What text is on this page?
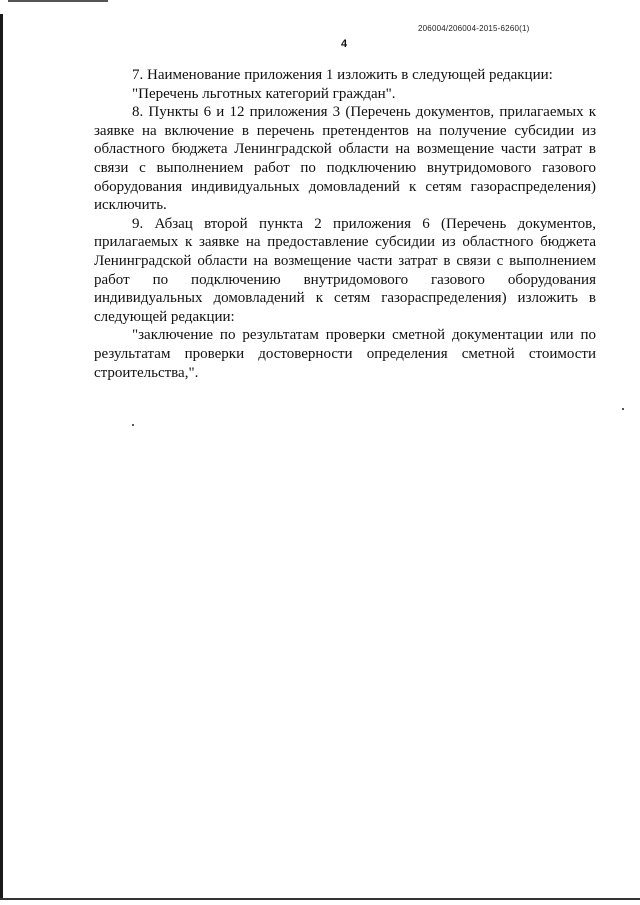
206004/206004-2015-6260(1)
4

7. Наименование приложения 1 изложить в следующей редакции:

"Перечень льготных категорий граждан".

8. Пункты 6 и 12 приложения 3 (Перечень документов, прилагаемых к заявке на включение в перечень претендентов на получение субсидии из областного бюджета Ленинградской области на возмещение части затрат в связи с выполнением работ по подключению внутридомового газового оборудования индивидуальных домовладений к сетям газораспределения) исключить.

9. Абзац второй пункта 2 приложения 6 (Перечень документов, прилагаемых к заявке на предоставление субсидии из областного бюджета Ленинградской области на возмещение части затрат в связи с выполнением работ по подключению внутридомового газового оборудования индивидуальных домовладений к сетям газораспределения) изложить в следующей редакции:

"заключение по результатам проверки сметной документации или по результатам проверки достоверности определения сметной стоимости строительства,".
